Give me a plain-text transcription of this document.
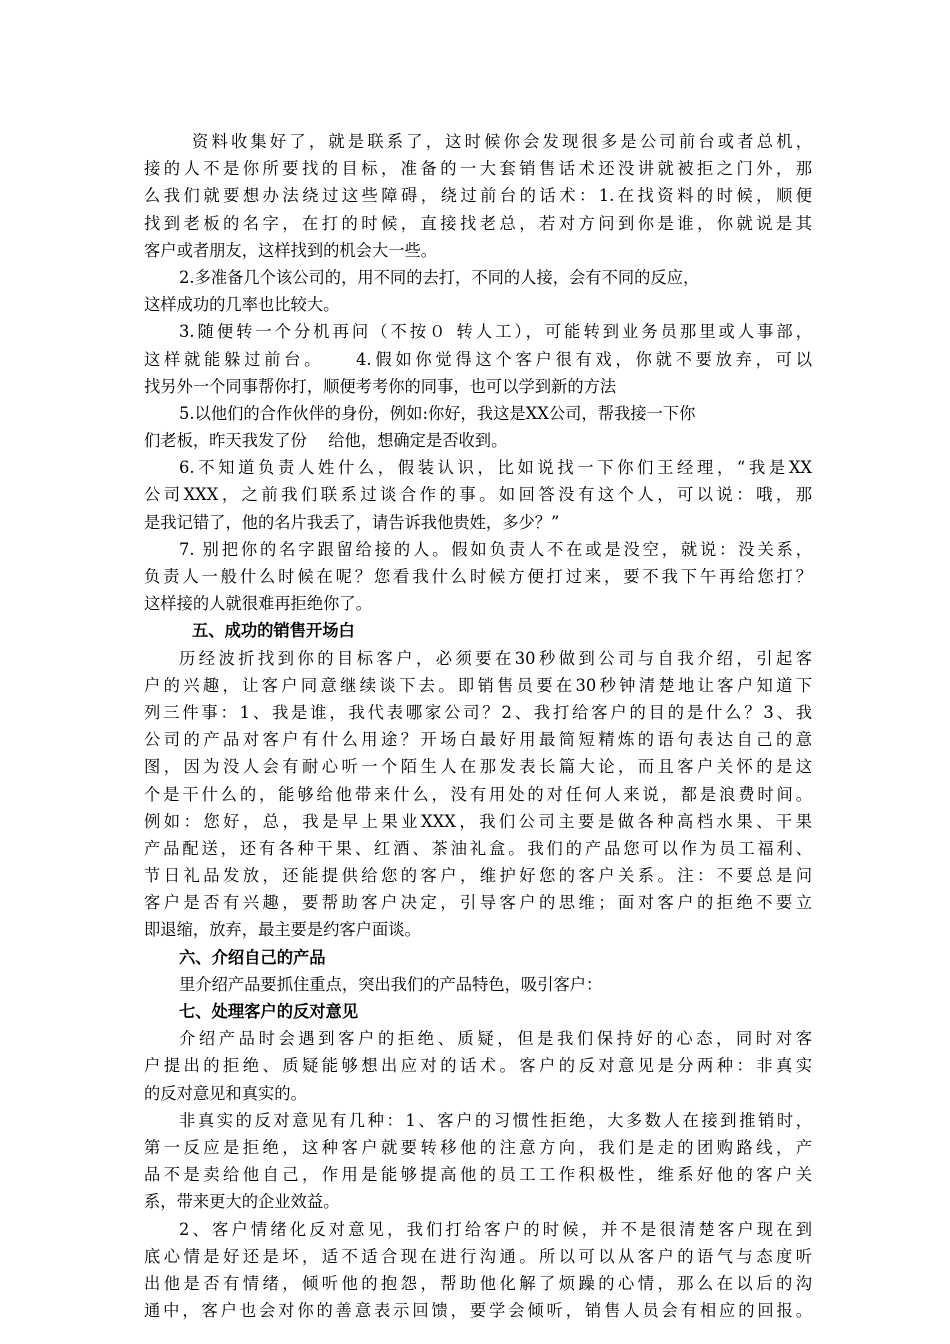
资料收集好了，就是联系了，这时候你会发现很多是公司前台或者总机，
接的人不是你所要找的目标，准备的一大套销售话术还没讲就被拒之门外，那
么我们就要想办法绕过这些障碍，绕过前台的话术：1.在找资料的时候，顺便
找到老板的名字，在打的时候，直接找老总，若对方问到你是谁，你就说是其
客户或者朋友，这样找到的机会大一些。
2.多准备几个该公司的，用不同的去打，不同的人接，会有不同的反应，
这样成功的几率也比较大。
3.随便转一个分机再问（不按０ 转人工），可能转到业务员那里或人事部，
这样就能躲过前台。　　4.假如你觉得这个客户很有戏，你就不要放弃，可以
找另外一个同事帮你打，顺便考考你的同事，也可以学到新的方法
5.以他们的合作伙伴的身份，例如:你好，我这是XX公司，帮我接一下你
们老板，昨天我发了份　 给他，想确定是否收到。
6.不知道负责人姓什么，假装认识，比如说找一下你们王经理，“我是XX
公司XXX，之前我们联系过谈合作的事。如回答没有这个人，可以说：哦，那
是我记错了，他的名片我丢了，请告诉我他贵姓，多少？”
7. 别把你的名字跟留给接的人。假如负责人不在或是没空，就说：没关系，
负责人一般什么时候在呢？您看我什么时候方便打过来，要不我下午再给您打？
这样接的人就很难再拒绝你了。
五、成功的销售开场白
历经波折找到你的目标客户，必须要在30秒做到公司与自我介绍，引起客
户的兴趣，让客户同意继续谈下去。即销售员要在30秒钟清楚地让客户知道下
列三件事：1、我是谁，我代表哪家公司？2、我打给客户的目的是什么？3、我
公司的产品对客户有什么用途？开场白最好用最简短精炼的语句表达自己的意
图，因为没人会有耐心听一个陌生人在那发表长篇大论，而且客户关怀的是这
个是干什么的，能够给他带来什么，没有用处的对任何人来说，都是浪费时间。
例如：您好，总，我是早上果业XXX，我们公司主要是做各种高档水果、干果
产品配送，还有各种干果、红酒、茶油礼盒。我们的产品您可以作为员工福利、
节日礼品发放，还能提供给您的客户，维护好您的客户关系。注：不要总是问
客户是否有兴趣，要帮助客户决定，引导客户的思维；面对客户的拒绝不要立
即退缩，放弃，最主要是约客户面谈。
六、介绍自己的产品
里介绍产品要抓住重点，突出我们的产品特色，吸引客户：
七、处理客户的反对意见
介绍产品时会遇到客户的拒绝、质疑，但是我们保持好的心态，同时对客
户提出的拒绝、质疑能够想出应对的话术。客户的反对意见是分两种：非真实
的反对意见和真实的。
非真实的反对意见有几种：1、客户的习惯性拒绝，大多数人在接到推销时，
第一反应是拒绝，这种客户就要转移他的注意方向，我们是走的团购路线，产
品不是卖给他自己，作用是能够提高他的员工工作积极性，维系好他的客户关
系，带来更大的企业效益。
2、客户情绪化反对意见，我们打给客户的时候，并不是很清楚客户现在到
底心情是好还是坏，适不适合现在进行沟通。所以可以从客户的语气与态度听
出他是否有情绪，倾听他的抱怨，帮助他化解了烦躁的心情，那么在以后的沟
通中，客户也会对你的善意表示回馈，要学会倾听，销售人员会有相应的回报。
